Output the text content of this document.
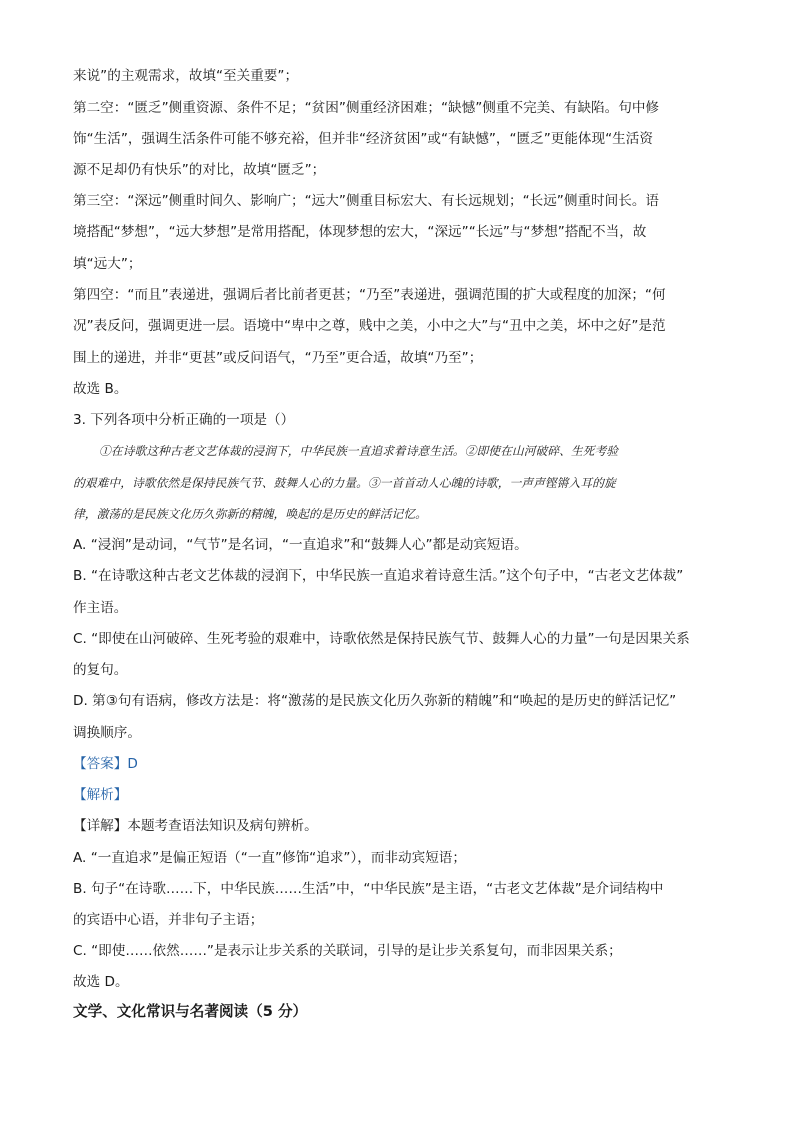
来说”的主观需求，故填“至关重要”；
第二空：“匮乏”侧重资源、条件不足；“贫困”侧重经济困难；“缺憾”侧重不完美、有缺陷。句中修
饰“生活”，强调生活条件可能不够充裕，但并非“经济贫困”或“有缺憾”，“匮乏”更能体现“生活资
源不足却仍有快乐”的对比，故填“匮乏”；
第三空：“深远”侧重时间久、影响广；“远大”侧重目标宏大、有长远规划；“长远”侧重时间长。语
境搭配“梦想”，“远大梦想”是常用搭配，体现梦想的宏大，“深远”“长远”与“梦想”搭配不当，故
填“远大”；
第四空：“而且”表递进，强调后者比前者更甚；“乃至”表递进，强调范围的扩大或程度的加深；“何
况”表反问，强调更进一层。语境中“卑中之尊，贱中之美，小中之大”与“丑中之美，坏中之好”是范
围上的递进，并非“更甚”或反问语气，“乃至”更合适，故填“乃至”；
故选 B。
3. 下列各项中分析正确的一项是（）
①在诗歌这种古老文艺体裁的浸润下，中华民族一直追求着诗意生活。②即使在山河破碎、生死考验
的艰难中，诗歌依然是保持民族气节、鼓舞人心的力量。③一首首动人心魄的诗歌，一声声铿锵入耳的旋
律，激荡的是民族文化历久弥新的精魄，唤起的是历史的鲜活记忆。
A. “浸润”是动词，“气节”是名词，“一直追求”和“鼓舞人心”都是动宾短语。
B. “在诗歌这种古老文艺体裁的浸润下，中华民族一直追求着诗意生活。”这个句子中，“古老文艺体裁”
作主语。
C. “即使在山河破碎、生死考验的艰难中，诗歌依然是保持民族气节、鼓舞人心的力量”一句是因果关系
的复句。
D. 第③句有语病，修改方法是：将“激荡的是民族文化历久弥新的精魄”和“唤起的是历史的鲜活记忆”
调换顺序。
【答案】D
【解析】
【详解】本题考查语法知识及病句辨析。
A. “一直追求”是偏正短语（“一直”修饰“追求”），而非动宾短语；
B. 句子“在诗歌……下，中华民族……生活”中，“中华民族”是主语，“古老文艺体裁”是介词结构中
的宾语中心语，并非句子主语；
C. “即使……依然……”是表示让步关系的关联词，引导的是让步关系复句，而非因果关系；
故选 D。
文学、文化常识与名著阅读（5 分）
